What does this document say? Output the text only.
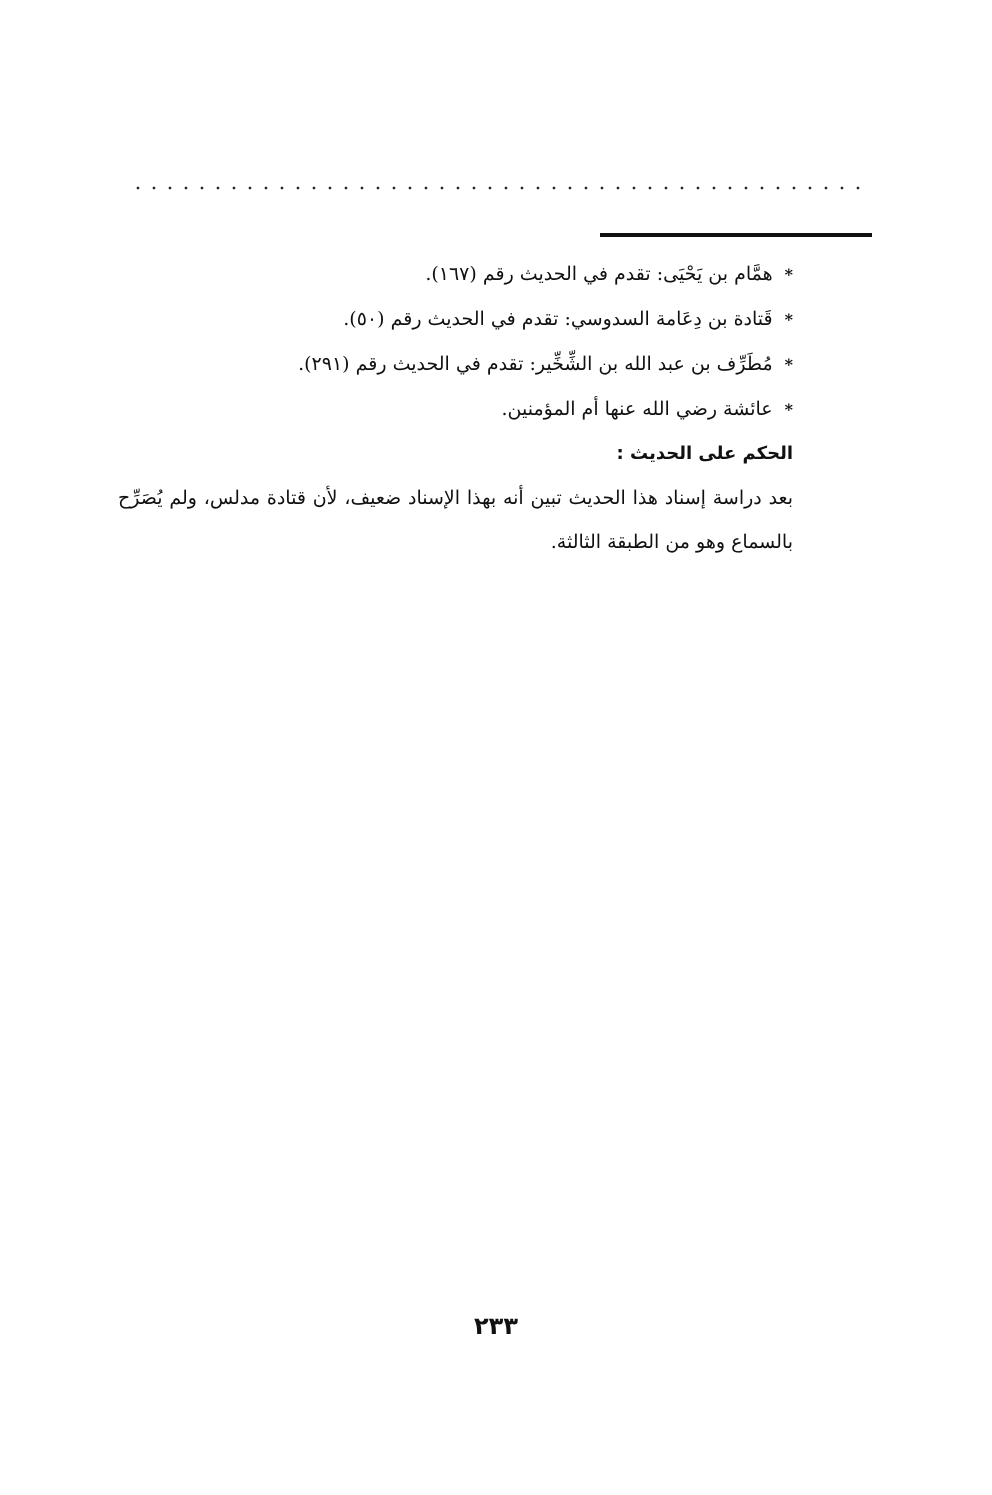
*همَّام بن يَحْيَى: تقدم في الحديث رقم (١٦٧).
*قَتادة بن دِعَامة السدوسي: تقدم في الحديث رقم (٥٠).
*مُطَرِّف بن عبد الله بن الشِّخِّير: تقدم في الحديث رقم (٢٩١).
*عائشة رضي الله عنها أم المؤمنين.
الحكم على الحديث :
بعد دراسة إسناد هذا الحديث تبين أنه بهذا الإسناد ضعيف، لأن قتادة مدلس، ولم يُصَرِّح بالسماع وهو من الطبقة الثالثة.
٢٣٣
